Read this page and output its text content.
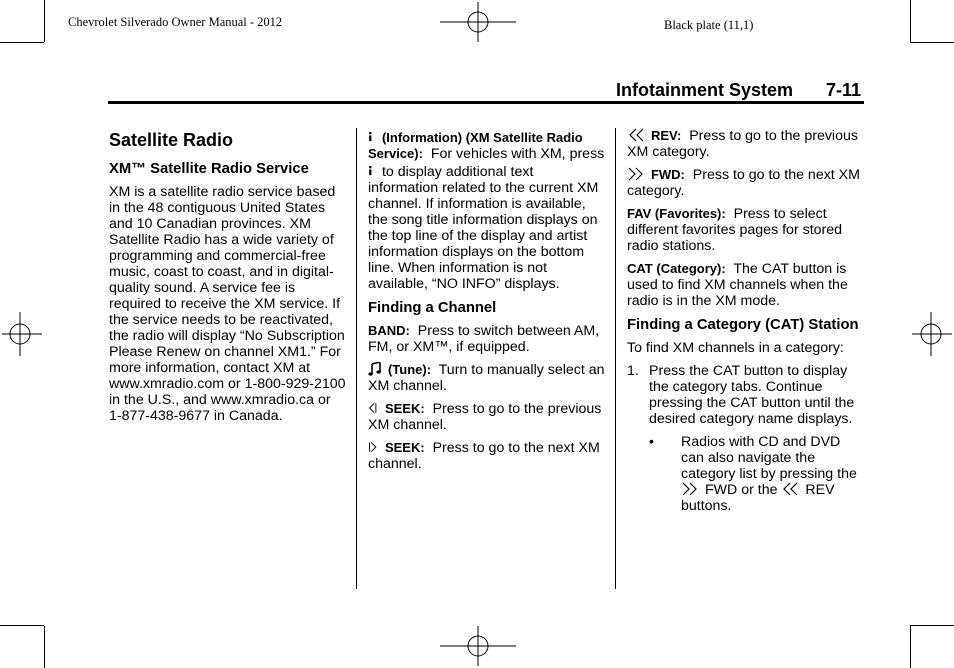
Chevrolet Silverado Owner Manual - 2012	Black plate (11,1)
Infotainment System 7-11
Satellite Radio
XM™ Satellite Radio Service

XM is a satellite radio service based in the 48 contiguous United States and 10 Canadian provinces. XM Satellite Radio has a wide variety of programming and commercial-free music, coast to coast, and in digital-quality sound. A service fee is required to receive the XM service. If the service needs to be reactivated, the radio will display “No Subscription Please Renew on channel XM1.” For more information, contact XM at www.xmradio.com or 1-800-929-2100 in the U.S., and www.xmradio.ca or 1-877-438-9677 in Canada.

(Information) (XM Satellite Radio Service): For vehicles with XM, press  to display additional text information related to the current XM channel. If information is available, the song title information displays on the top line of the display and artist information displays on the bottom line. When information is not available, “NO INFO” displays.

Finding a Channel

BAND: Press to switch between AM, FM, or XM™, if equipped.

(Tune): Turn to manually select an XM channel.

SEEK: Press to go to the previous XM channel.

SEEK: Press to go to the next XM channel.

REV: Press to go to the previous XM category.

FWD: Press to go to the next XM category.

FAV (Favorites): Press to select different favorites pages for stored radio stations.

CAT (Category): The CAT button is used to find XM channels when the radio is in the XM mode.

Finding a Category (CAT) Station

To find XM channels in a category:

1. Press the CAT button to display the category tabs. Continue pressing the CAT button until the desired category name displays.
•	Radios with CD and DVD can also navigate the category list by pressing the  FWD or the REV buttons.
